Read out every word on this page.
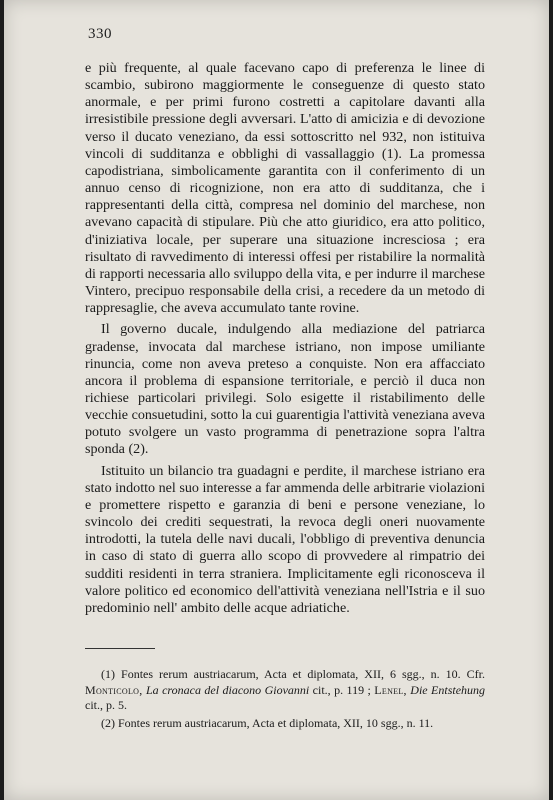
330

e più frequente, al quale facevano capo di preferenza le linee di scambio, subirono maggiormente le conseguenze di questo stato anormale, e per primi furono costretti a capitolare davanti alla irresistibile pressione degli avversari. L'atto di amicizia e di devozione verso il ducato veneziano, da essi sottoscritto nel 932, non istituiva vincoli di sudditanza e obblighi di vassallaggio (1). La promessa capodistriana, simbolicamente garantita con il conferimento di un annuo censo di ricognizione, non era atto di sudditanza, che i rappresentanti della città, compresa nel dominio del marchese, non avevano capacità di stipulare. Più che atto giuridico, era atto politico, d'iniziativa locale, per superare una situazione incresciosa ; era risultato di ravvedimento di interessi offesi per ristabilire la normalità di rapporti necessaria allo sviluppo della vita, e per indurre il marchese Vintero, precipuo responsabile della crisi, a recedere da un metodo di rappresaglie, che aveva accumulato tante rovine.

Il governo ducale, indulgendo alla mediazione del patriarca gradense, invocata dal marchese istriano, non impose umiliante rinuncia, come non aveva preteso a conquiste. Non era affacciato ancora il problema di espansione territoriale, e perciò il duca non richiese particolari privilegi. Solo esigette il ristabilimento delle vecchie consuetudini, sotto la cui guarentigia l'attività veneziana aveva potuto svolgere un vasto programma di penetrazione sopra l'altra sponda (2).

Istituito un bilancio tra guadagni e perdite, il marchese istriano era stato indotto nel suo interesse a far ammenda delle arbitrarie violazioni e promettere rispetto e garanzia di beni e persone veneziane, lo svincolo dei crediti sequestrati, la revoca degli oneri nuovamente introdotti, la tutela delle navi ducali, l'obbligo di preventiva denuncia in caso di stato di guerra allo scopo di provvedere al rimpatrio dei sudditi residenti in terra straniera. Implicitamente egli riconosceva il valore politico ed economico dell'attività veneziana nell'Istria e il suo predominio nell' ambito delle acque adriatiche.

(1) Fontes rerum austriacarum, Acta et diplomata, XII, 6 sgg., n. 10. Cfr. Monticolo, La cronaca del diacono Giovanni cit., p. 119 ; Lenel, Die Entstehung cit., p. 5.

(2) Fontes rerum austriacarum, Acta et diplomata, XII, 10 sgg., n. 11.
